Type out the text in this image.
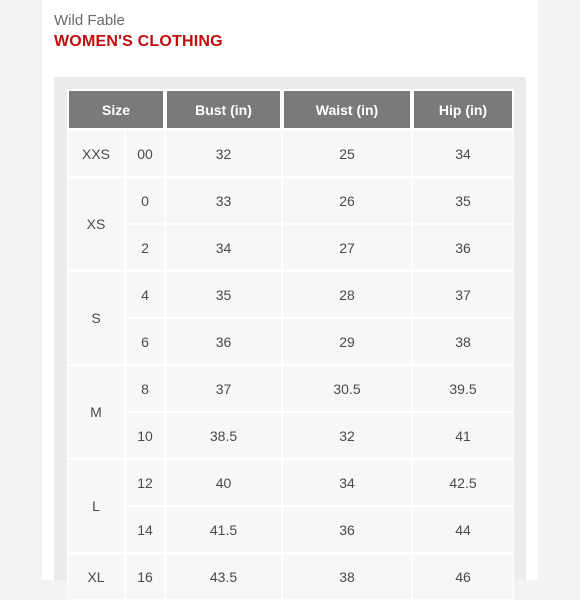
Wild Fable
WOMEN'S CLOTHING
Size		Bust (in)	Waist (in)	Hip (in)
XXS	00	32	25	34
XS	0	33	26	35
	2	34	27	36
S	4	35	28	37
	6	36	29	38
M	8	37	30.5	39.5
	10	38.5	32	41
L	12	40	34	42.5
	14	41.5	36	44
XL	16	43.5	38	46
